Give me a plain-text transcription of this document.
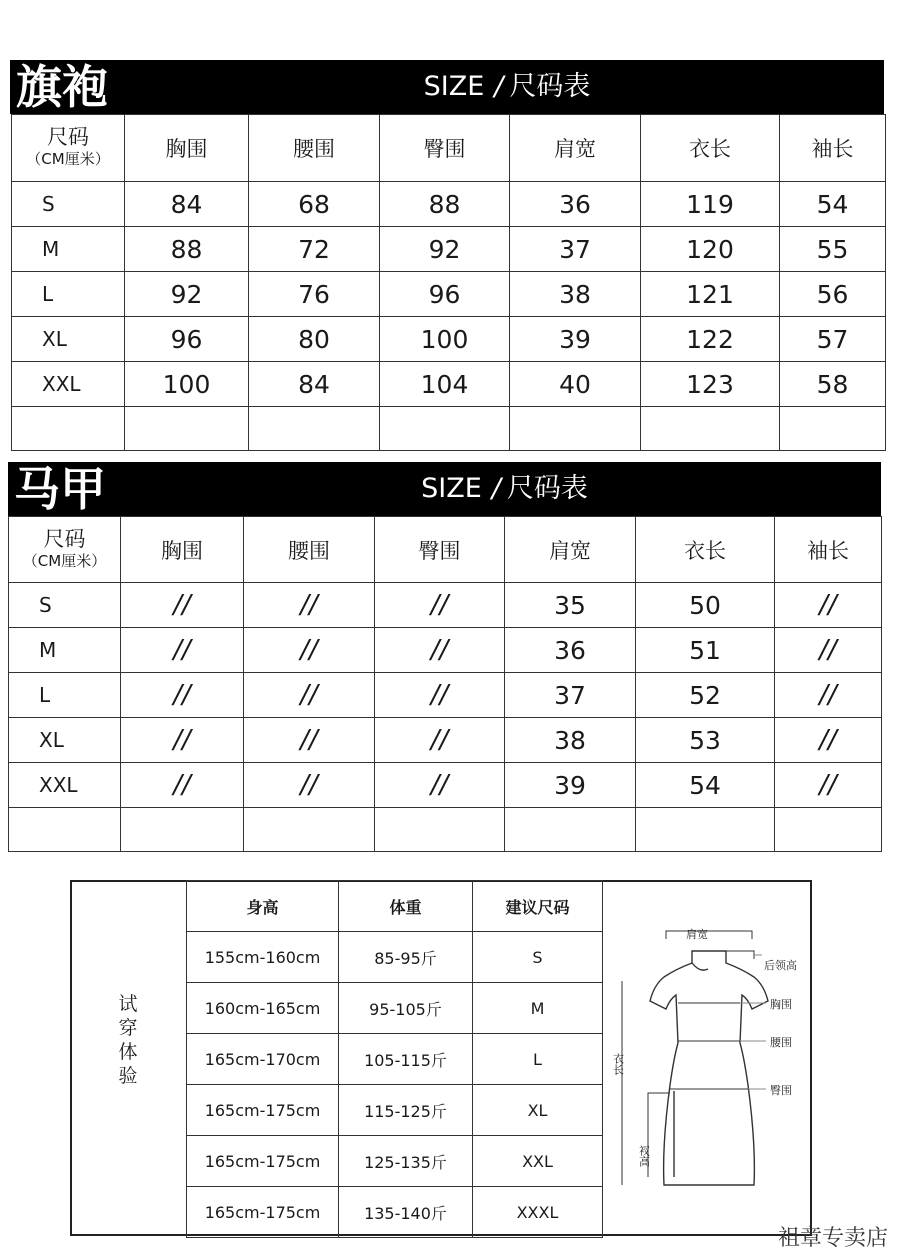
旗袍	SIZE / 尺码表
尺码
（CM厘米）	胸围	腰围	臀围	肩宽	衣长	袖长
S	84	68	88	36	119	54
M	88	72	92	37	120	55
L	92	76	96	38	121	56
XL	96	80	100	39	122	57
XXL	100	84	104	40	123	58

马甲	SIZE / 尺码表
尺码
（CM厘米）	胸围	腰围	臀围	肩宽	衣长	袖长
S	//	//	//	35	50	//
M	//	//	//	36	51	//
L	//	//	//	37	52	//
XL	//	//	//	38	53	//
XXL	//	//	//	39	54	//

试穿体验
身高	体重	建议尺码
155cm-160cm	85-95斤	S
160cm-165cm	95-105斤	M
165cm-170cm	105-115斤	L
165cm-175cm	115-125斤	XL
165cm-175cm	125-135斤	XXL
165cm-175cm	135-140斤	XXXL
肩宽
后领高
胸围
腰围
臀围
衣长
衩高
祖章专卖店
